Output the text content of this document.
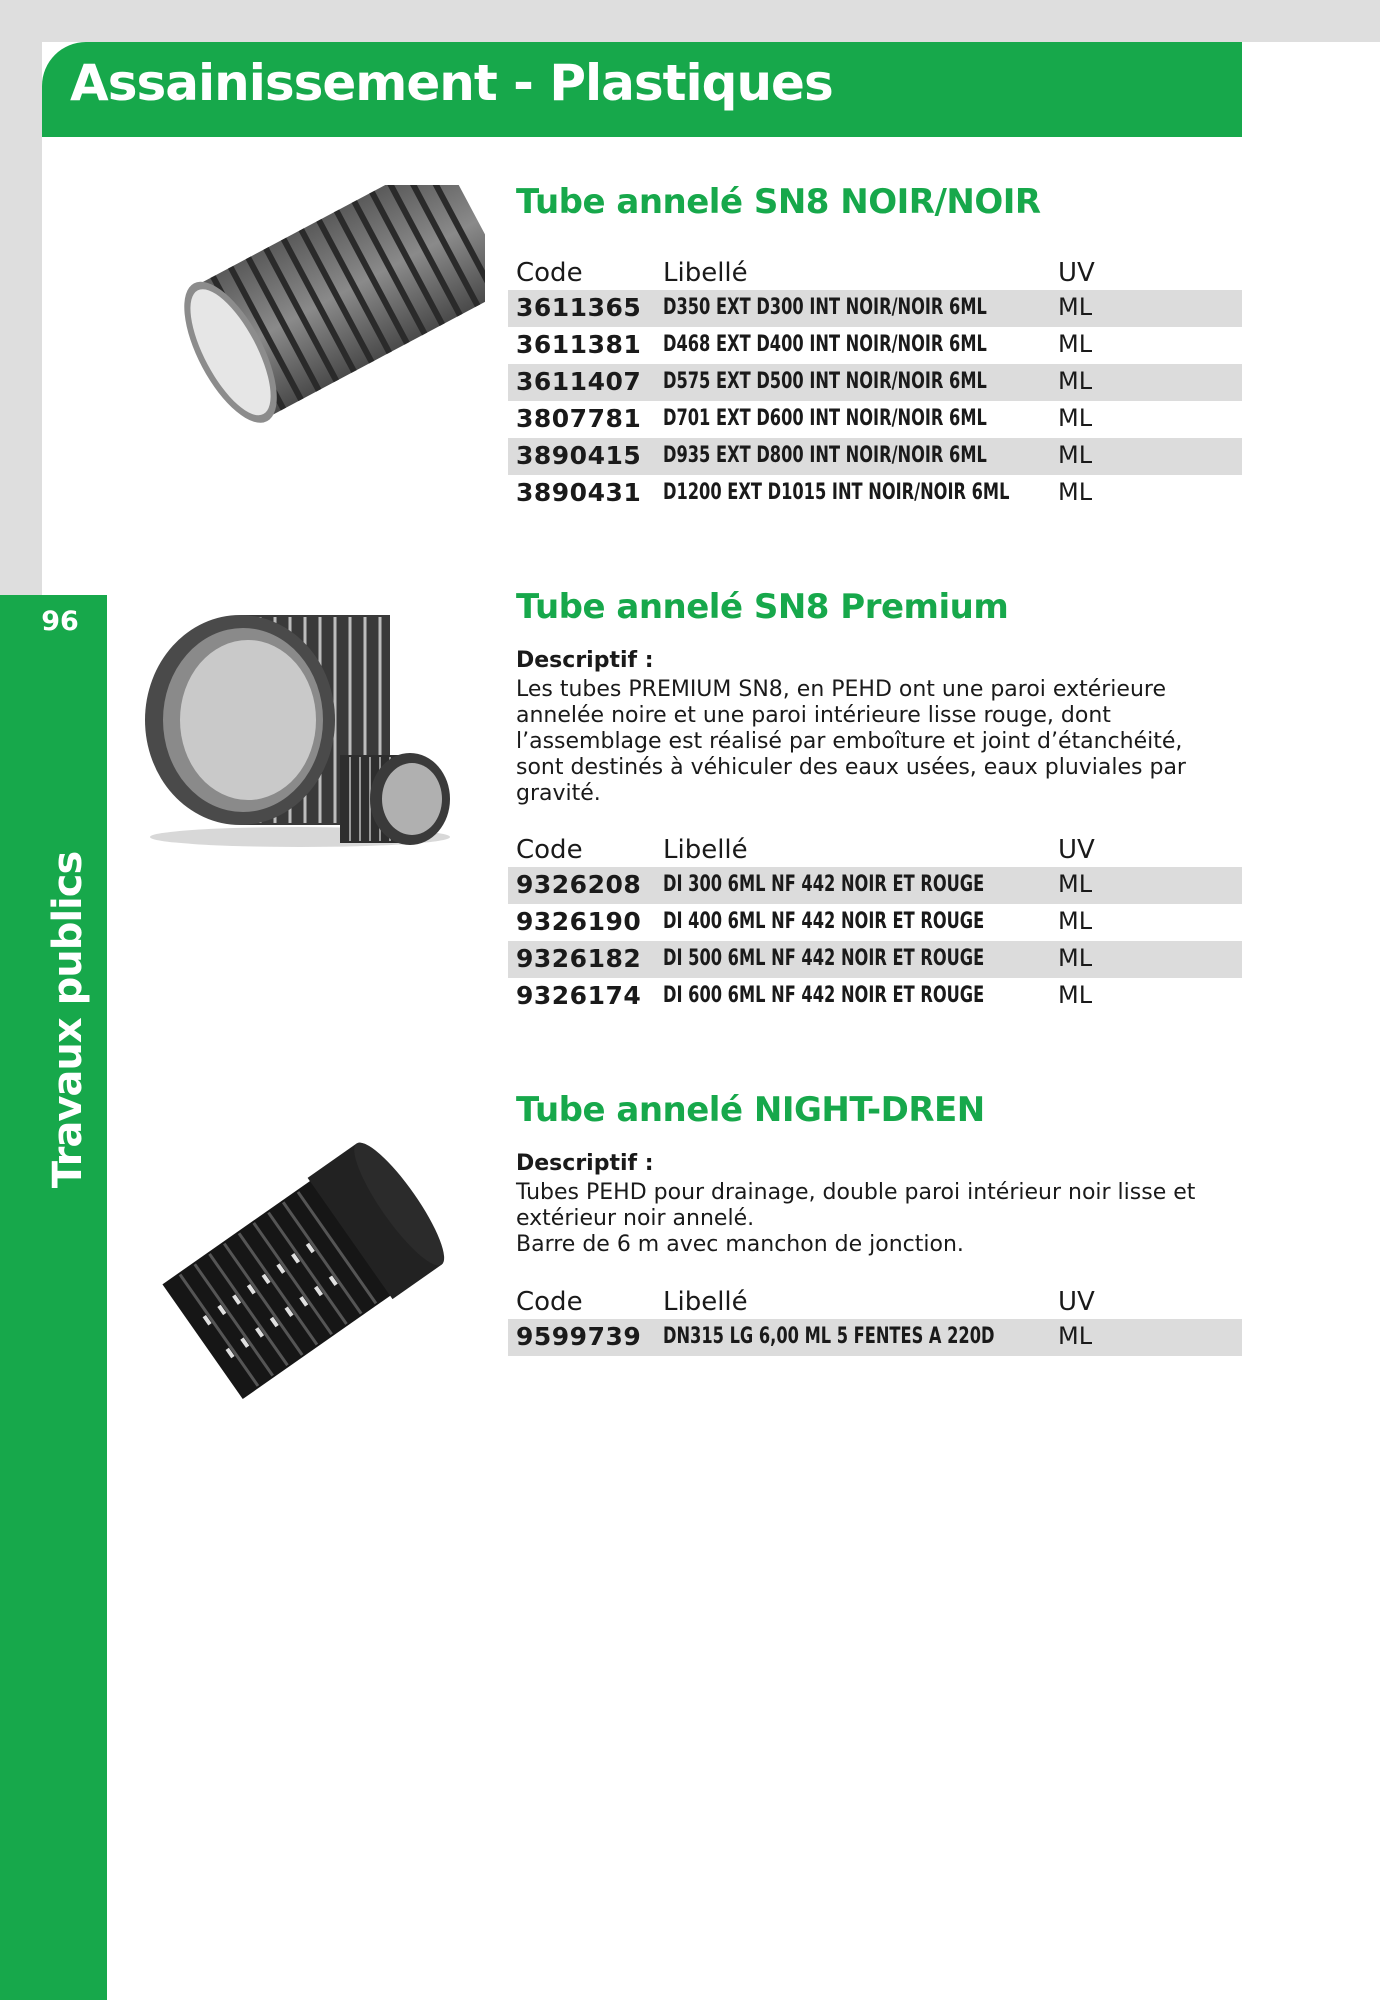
96
Travaux publics
Assainissement - Plastiques
Tube annelé SN8 NOIR/NOIR
Code	Libellé	UV
3611365 D350 EXT D300 INT NOIR/NOIR 6ML	ML
3611381 D468 EXT D400 INT NOIR/NOIR 6ML	ML
3611407 D575 EXT D500 INT NOIR/NOIR 6ML	ML
3807781 D701 EXT D600 INT NOIR/NOIR 6ML	ML
3890415 D935 EXT D800 INT NOIR/NOIR 6ML	ML
3890431 D1200 EXT D1015 INT NOIR/NOIR 6ML ML
Tube annelé SN8 Premium
Descriptif :

Les tubes PREMIUM SN8, en PEHD ont une paroi extérieure

annelée noire et une paroi intérieure lisse rouge, dont

l’assemblage est réalisé par emboîture et joint d’étanchéité,

sont destinés à véhiculer des eaux usées, eaux pluviales par

gravité.

Code	Libellé	UV
9326208 DI 300 6ML NF 442 NOIR ET ROUGE	ML
9326190 DI 400 6ML NF 442 NOIR ET ROUGE	ML
9326182 DI 500 6ML NF 442 NOIR ET ROUGE	ML
9326174 DI 600 6ML NF 442 NOIR ET ROUGE	ML
Tube annelé NIGHT-DREN
Descriptif :

Tubes PEHD pour drainage, double paroi intérieur noir lisse et

extérieur noir annelé.

Barre de 6 m avec manchon de jonction.

Code	Libellé	UV
9599739 DN315 LG 6,00 ML 5 FENTES A 220D	ML
